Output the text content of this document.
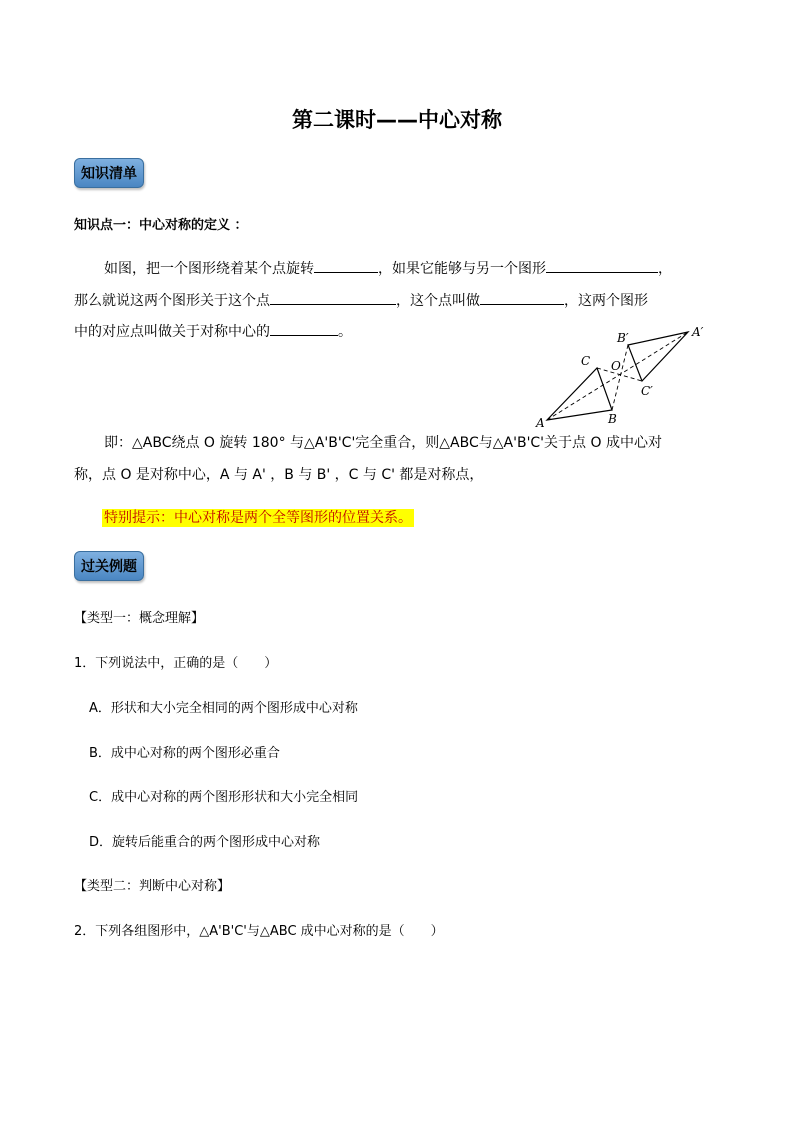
第二课时——中心对称
知识清单
知识点一：中心对称的定义 ：
如图，把一个图形绕着某个点旋转	，如果它能够与另一个图形	，
那么就说这两个图形关于这个点	，这个点叫做	，这两个图形
中的对应点叫做关于对称中心的	。
A	B
C O
A′
B′
C′
即：△ABC绕点 O 旋转 180° 与△A'B'C'完全重合，则△ABC与△A'B'C'关于点 O 成中心对
称，点 O 是对称中心，A 与 A' ，B 与 B' ，C 与 C' 都是对称点，
特别提示：中心对称是两个全等图形的位置关系。
过关例题
【类型一：概念理解】
1．下列说法中，正确的是（　　）
A．形状和大小完全相同的两个图形成中心对称
B．成中心对称的两个图形必重合
C．成中心对称的两个图形形状和大小完全相同
D．旋转后能重合的两个图形成中心对称
【类型二：判断中心对称】
2．下列各组图形中，△A'B'C'与△ABC 成中心对称的是（　　）
